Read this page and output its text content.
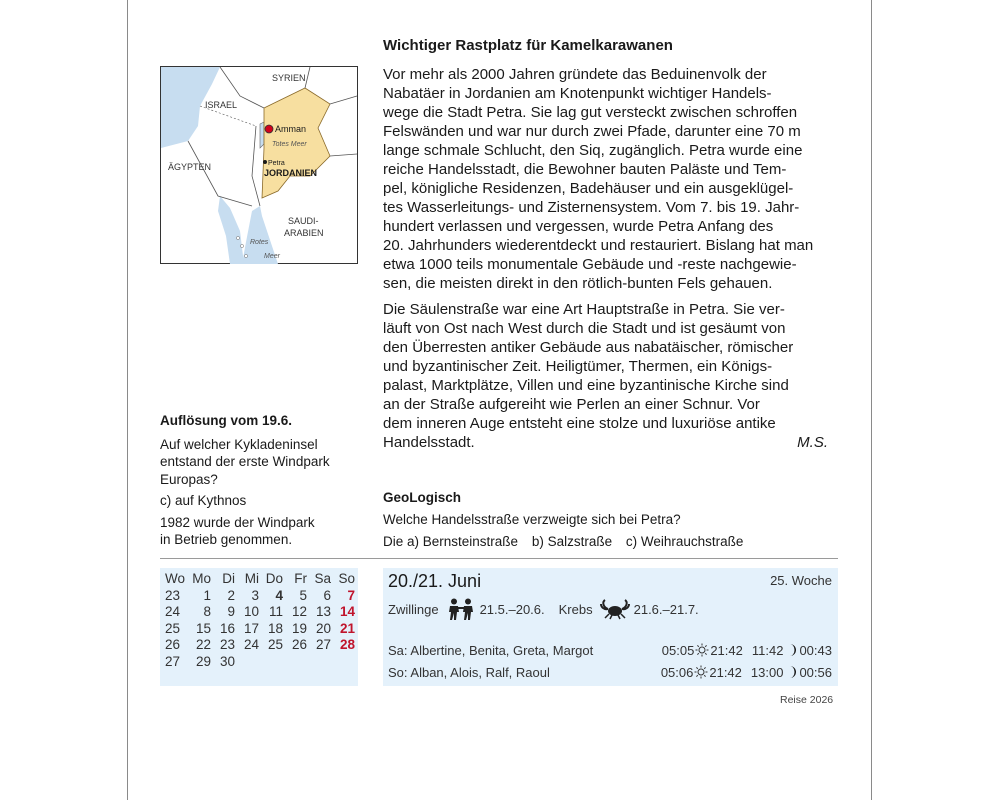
SYRIEN
ISRAEL
Amman
Totes Meer
Petra
JORDANIEN
ÄGYPTEN
SAUDI-
ARABIEN
Rotes
Meer
Wichtiger Rastplatz für Kamelkarawanen
Vor mehr als 2000 Jahren gründete das Beduinenvolk der
Nabatäer in Jordanien am Knotenpunkt wichtiger Handels-
wege die Stadt Petra. Sie lag gut versteckt zwischen schroffen
Felswänden und war nur durch zwei Pfade, darunter eine 70 m
lange schmale Schlucht, den Siq, zugänglich. Petra wurde eine
reiche Handelsstadt, die Bewohner bauten Paläste und Tem-
pel, königliche Residenzen, Badehäuser und ein ausgeklügel-
tes Wasserleitungs- und Zisternensystem. Vom 7. bis 19. Jahr-
hundert verlassen und vergessen, wurde Petra Anfang des
20. Jahrhunders wiederentdeckt und restauriert. Bislang hat man
etwa 1000 teils monumentale Gebäude und -reste nachgewie-
sen, die meisten direkt in den rötlich-bunten Fels gehauen.
Die Säulenstraße war eine Art Hauptstraße in Petra. Sie ver-
läuft von Ost nach West durch die Stadt und ist gesäumt von
den Überresten antiker Gebäude aus nabatäischer, römischer
und byzantinischer Zeit. Heiligtümer, Thermen, ein Königs-
palast, Marktplätze, Villen und eine byzantinische Kirche sind
an der Straße aufgereiht wie Perlen an einer Schnur. Vor
dem inneren Auge entsteht eine stolze und luxuriöse antike
Handelsstadt.	M.S.
Auflösung vom 19.6.

Auf welcher Kykladeninsel
entstand der erste Windpark
Europas?

c) auf Kythnos

1982 wurde der Windpark
in Betrieb genommen.

GeoLogisch
Welche Handelsstraße verzweigte sich bei Petra?
Die a) Bernsteinstraße b) Salzstraße c) Weihrauchstraße
Wo	Mo	Di	Mi	Do	Fr	Sa	So
23	1	2	3	4	5	6	7
24	8	9	10	11	12	13	14
25	15	16	17	18	19	20	21
26	22	23	24	25	26	27	28
27	29	30					
20./21. Juni	25. Woche
Zwillinge	21.5.–20.6. Krebs	21.6.–21.7.
Sa: Albertine, Benita, Greta, Margot	05:05 21:42 11:42 00:43
So: Alban, Alois, Ralf, Raoul	05:06 21:42 13:00 00:56
Reise 2026
